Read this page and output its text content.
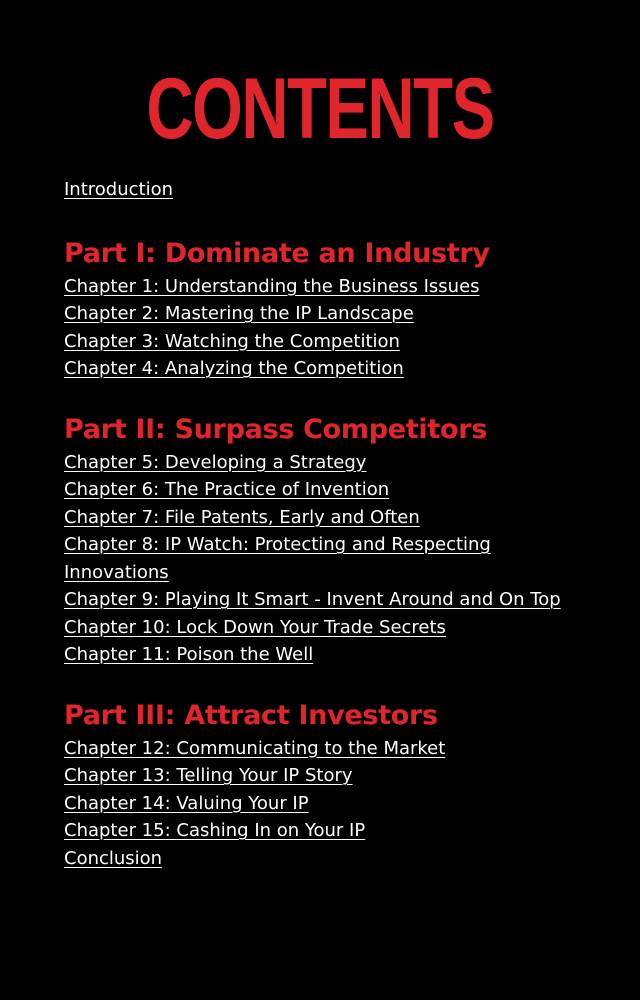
CONTENTS
Introduction
Part I: Dominate an Industry
Chapter 1: Understanding the Business Issues
Chapter 2: Mastering the IP Landscape
Chapter 3: Watching the Competition
Chapter 4: Analyzing the Competition
Part II: Surpass Competitors
Chapter 5: Developing a Strategy
Chapter 6: The Practice of Invention
Chapter 7: File Patents, Early and Often
Chapter 8: IP Watch: Protecting and Respecting Innovations
Chapter 9: Playing It Smart - Invent Around and On Top
Chapter 10: Lock Down Your Trade Secrets
Chapter 11: Poison the Well
Part III: Attract Investors
Chapter 12: Communicating to the Market
Chapter 13: Telling Your IP Story
Chapter 14: Valuing Your IP
Chapter 15: Cashing In on Your IP
Conclusion
